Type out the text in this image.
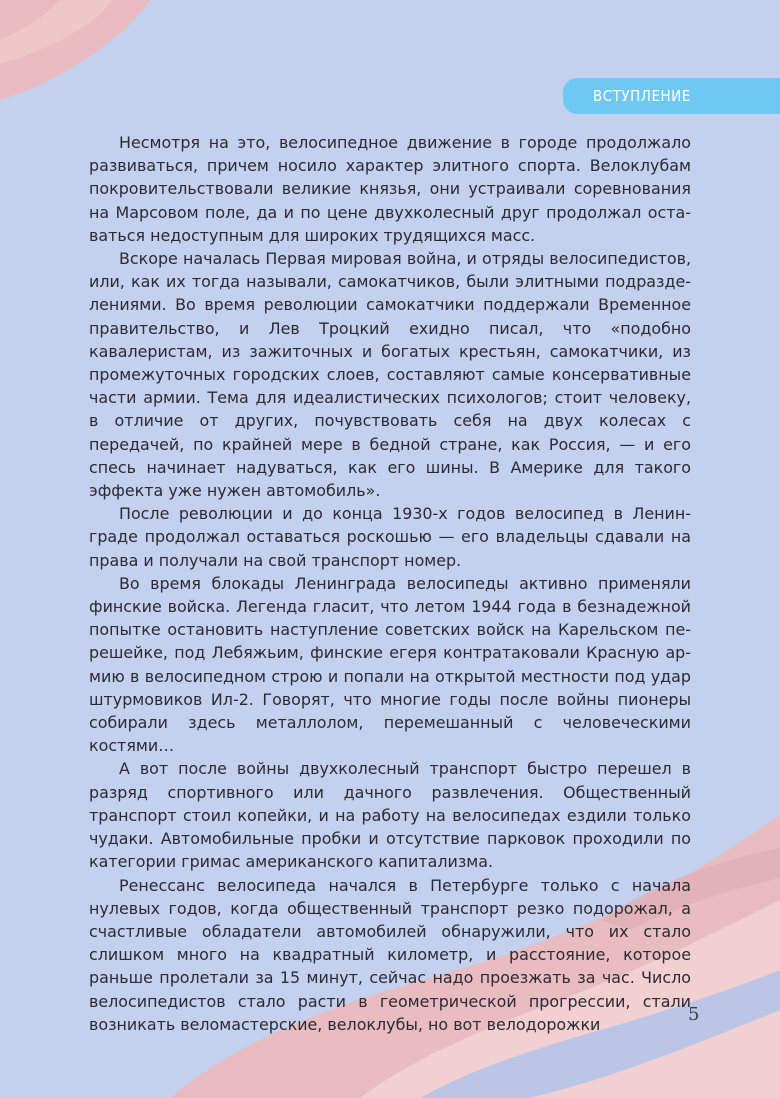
ВСТУПЛЕНИЕ

Несмотря на это, велосипедное движение в городе продолжало развиваться, причем носило характер элитного спорта. Велоклубам покровительствовали великие князья, они устраивали соревнования на Марсовом поле, да и по цене двухколесный друг продолжал оставаться недоступным для широких трудящихся масс.

Вскоре началась Первая мировая война, и отряды велосипедистов, или, как их тогда называли, самокатчиков, были элитными подразделениями. Во время революции самокатчики поддержали Временное правительство, и Лев Троцкий ехидно писал, что «подобно кавалеристам, из зажиточных и богатых крестьян, самокатчики, из промежуточных городских слоев, составляют самые консервативные части армии. Тема для идеалистических психологов; стоит человеку, в отличие от других, почувствовать себя на двух колесах с передачей, по крайней мере в бедной стране, как Россия, — и его спесь начинает надуваться, как его шины. В Америке для такого эффекта уже нужен автомобиль».

После революции и до конца 1930-х годов велосипед в Ленинграде продолжал оставаться роскошью — его владельцы сдавали на права и получали на свой транспорт номер.

Во время блокады Ленинграда велосипеды активно применяли финские войска. Легенда гласит, что летом 1944 года в безнадежной попытке остановить наступление советских войск на Карельском перешейке, под Лебяжьим, финские егеря контратаковали Красную армию в велосипедном строю и попали на открытой местности под удар штурмовиков Ил-2. Говорят, что многие годы после войны пионеры собирали здесь металлолом, перемешанный с человеческими костями…

А вот после войны двухколесный транспорт быстро перешел в разряд спортивного или дачного развлечения. Общественный транспорт стоил копейки, и на работу на велосипедах ездили только чудаки. Автомобильные пробки и отсутствие парковок проходили по категории гримас американского капитализма.

Ренессанс велосипеда начался в Петербурге только с начала нулевых годов, когда общественный транспорт резко подорожал, а счастливые обладатели автомобилей обнаружили, что их стало слишком много на квадратный километр, и расстояние, которое раньше пролетали за 15 минут, сейчас надо проезжать за час. Число велосипедистов стало расти в геометрической прогрессии, стали возникать веломастерские, велоклубы, но вот велодорожки	5
